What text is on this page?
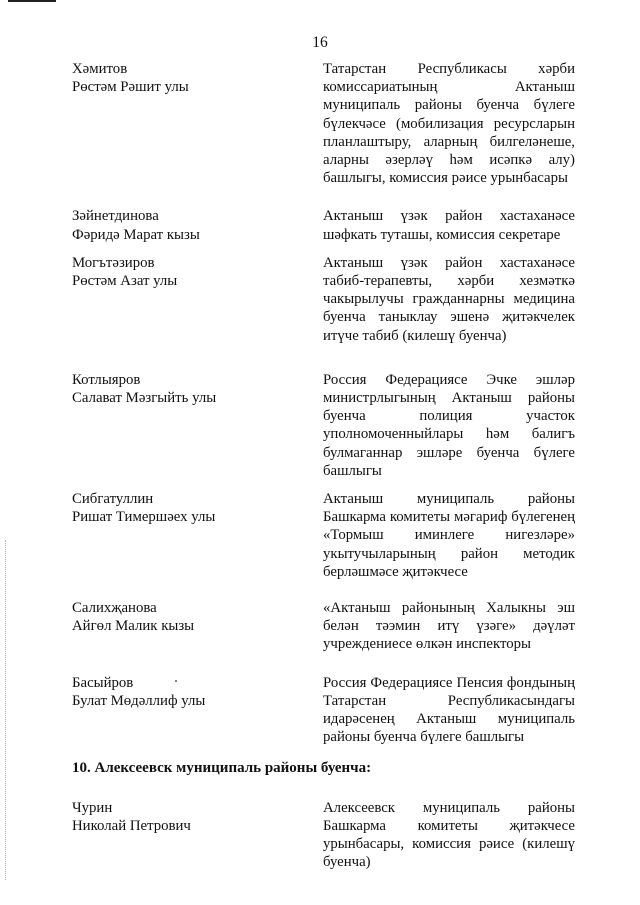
16
Хәмитов
Рөстәм Рәшит улы
Татарстан Республикасы хәрби комиссариатының Актаныш муниципаль районы буенча бүлеге бүлекчәсе (мобилизация ресурсларын планлаштыру, аларның билгеләнеше, аларны әзерләү һәм исәпкә алу) башлыгы, комиссия рәисе урынбасары
Зәйнетдинова
Фәридә Марат кызы
Актаныш үзәк район хастаханәсе шәфкать туташы, комиссия секретаре
Могътәзиров
Рөстәм Азат улы
Актаныш үзәк район хастаханәсе табиб-терапевты, хәрби хезмәткә чакырылучы гражданнарны медицина буенча таныклау эшенә җитәкчелек итүче табиб (килешү буенча)
Котлыяров
Салават Мәзгыйть улы
Россия Федерациясе Эчке эшләр министрлыгының Актаныш районы буенча полиция участок уполномоченныйлары һәм балигъ булмаганнар эшләре буенча бүлеге башлыгы
Сибгатуллин
Ришат Тимершәех улы
Актаныш муниципаль районы Башкарма комитеты мәгариф бүлегенең «Тормыш иминлеге нигезләре» укытучыларының район методик берләшмәсе җитәкчесе
Салихҗанова
Айгөл Малик кызы
«Актаныш районының Халыкны эш белән тәэмин итү үзәге» дәүләт учреждениесе өлкән инспекторы
Басыйров
Булат Мөдәллиф улы
Россия Федерациясе Пенсия фондының Татарстан Республикасындагы идарәсенең Актаныш муниципаль районы буенча бүлеге башлыгы
10. Алексеевск муниципаль районы буенча:
Чурин
Николай Петрович
Алексеевск муниципаль районы Башкарма комитеты җитәкчесе урынбасары, комиссия рәисе (килешү буенча)
